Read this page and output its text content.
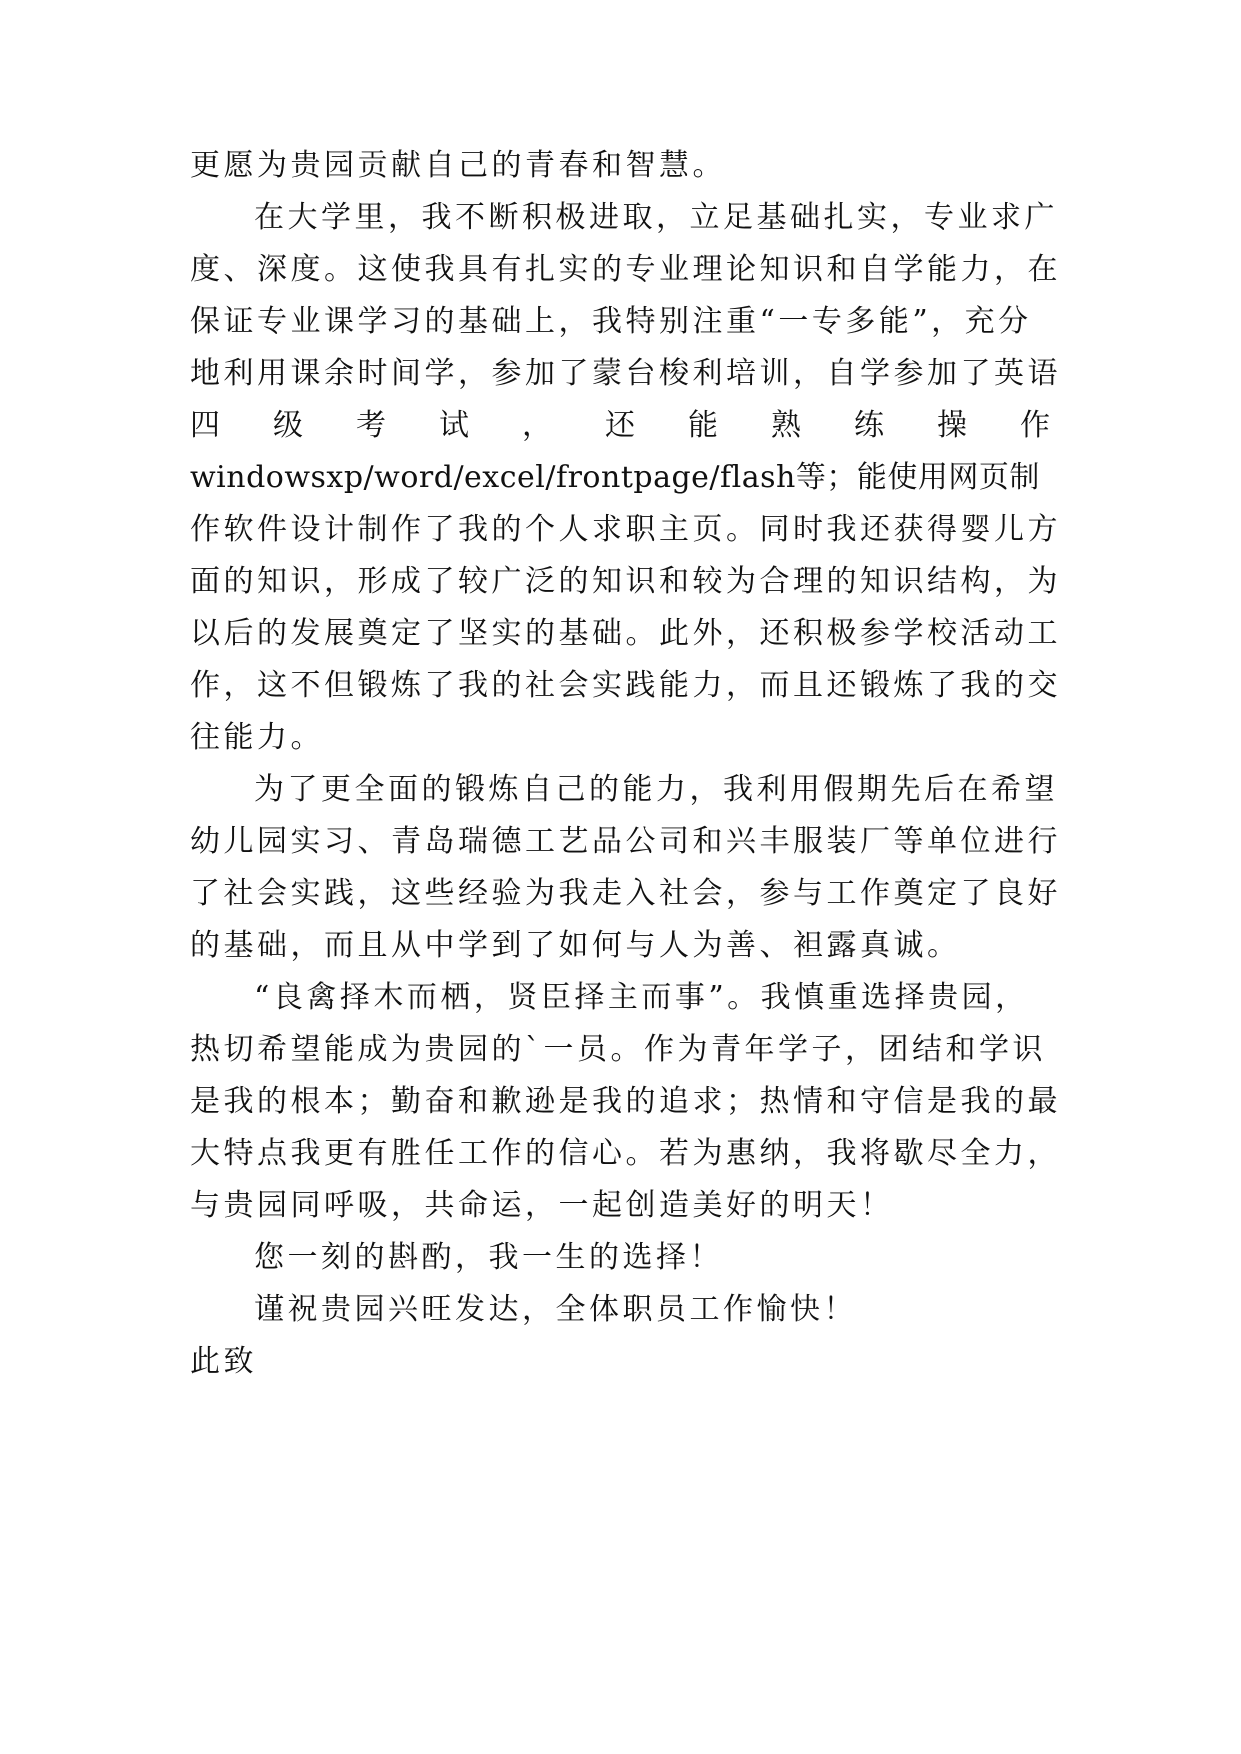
更愿为贵园贡献自己的青春和智慧。
在大学里，我不断积极进取，立足基础扎实，专业求广
度、深度。这使我具有扎实的专业理论知识和自学能力，在
保证专业课学习的基础上，我特别注重“一专多能”，充分
地利用课余时间学，参加了蒙台梭利培训，自学参加了英语
四 级 考 试 ， 还 能 熟 练 操 作
windowsxp/word/excel/frontpage/flash等；能使用网页制
作软件设计制作了我的个人求职主页。同时我还获得婴儿方
面的知识，形成了较广泛的知识和较为合理的知识结构，为
以后的发展奠定了坚实的基础。此外，还积极参学校活动工
作，这不但锻炼了我的社会实践能力，而且还锻炼了我的交
往能力。
为了更全面的锻炼自己的能力，我利用假期先后在希望
幼儿园实习、青岛瑞德工艺品公司和兴丰服装厂等单位进行
了社会实践，这些经验为我走入社会，参与工作奠定了良好
的基础，而且从中学到了如何与人为善、袒露真诚。
“良禽择木而栖，贤臣择主而事”。我慎重选择贵园，
热切希望能成为贵园的`一员。作为青年学子，团结和学识
是我的根本；勤奋和歉逊是我的追求；热情和守信是我的最
大特点我更有胜任工作的信心。若为惠纳，我将歇尽全力，
与贵园同呼吸，共命运，一起创造美好的明天！
您一刻的斟酌，我一生的选择！
谨祝贵园兴旺发达，全体职员工作愉快！
此致
